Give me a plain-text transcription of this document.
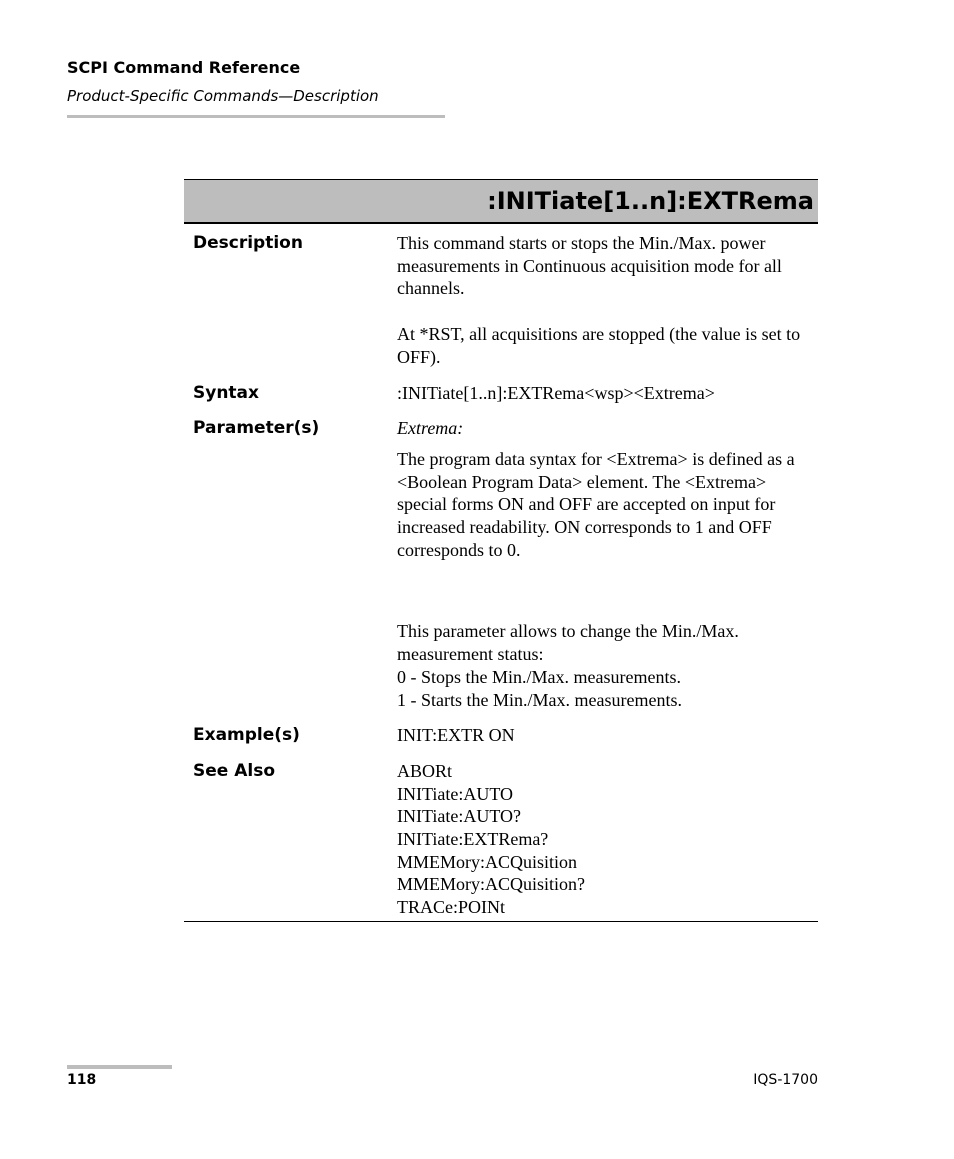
SCPI Command Reference
Product-Specific Commands—Description
:INITiate[1..n]:EXTRema
Description	This command starts or stops the Min./Max. power measurements in Continuous acquisition mode for all channels.

At *RST, all acquisitions are stopped (the value is set to OFF).

Syntax	:INITiate[1..n]:EXTRema<wsp><Extrema>
Parameter(s)	Extrema:

The program data syntax for <Extrema> is defined as a <Boolean Program Data> element. The <Extrema> special forms ON and OFF are accepted on input for increased readability. ON corresponds to 1 and OFF corresponds to 0.

This parameter allows to change the Min./Max. measurement status:

0 - Stops the Min./Max. measurements.

1 - Starts the Min./Max. measurements.

Example(s)	INIT:EXTR ON
See Also	ABORt
INITiate:AUTO
INITiate:AUTO?
INITiate:EXTRema?
MMEMory:ACQuisition
MMEMory:ACQuisition?
TRACe:POINt
118	IQS-1700
